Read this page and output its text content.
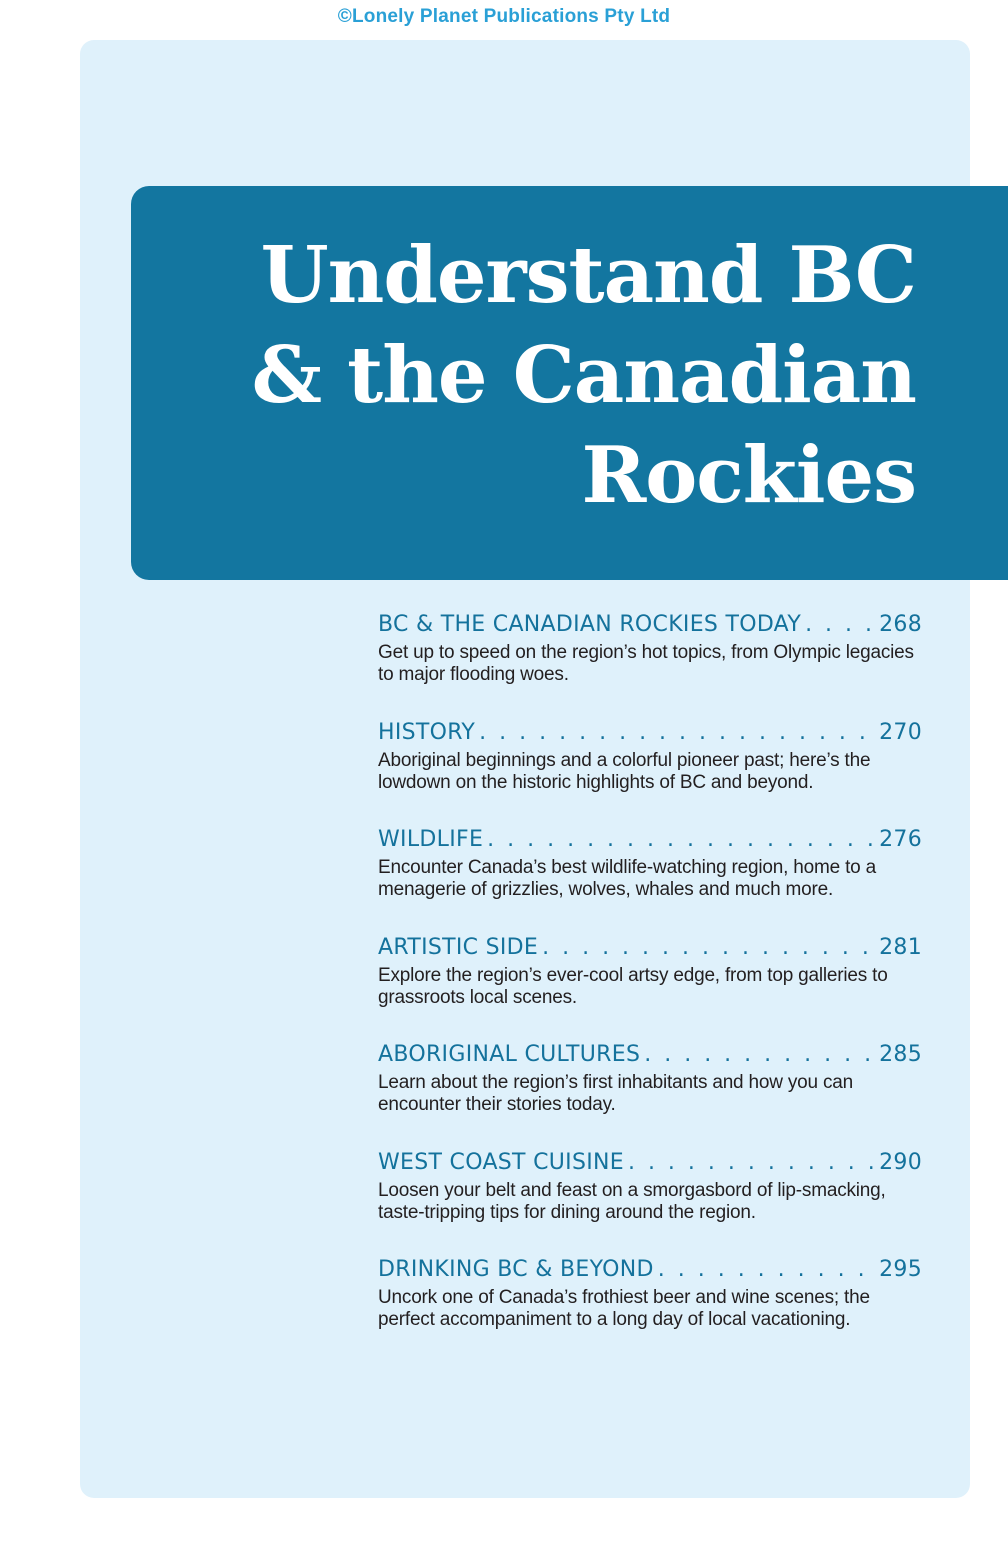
©Lonely Planet Publications Pty Ltd
Understand BC
& the Canadian
Rockies
BC & THE CANADIAN ROCKIES TODAY . . .	268

Get up to speed on the region’s hot topics, from Olympic legacies to major flooding woes.

HISTORY . . .	270

Aboriginal beginnings and a colorful pioneer past; here’s the lowdown on the historic highlights of BC and beyond.

WILDLIFE . . .	276

Encounter Canada’s best wildlife-watching region, home to a menagerie of grizzlies, wolves, whales and much more.

ARTISTIC SIDE . . .	281

Explore the region’s ever-cool artsy edge, from top galleries to grassroots local scenes.

ABORIGINAL CULTURES . . .	285

Learn about the region’s first inhabitants and how you can encounter their stories today.

WEST COAST CUISINE . . .	290

Loosen your belt and feast on a smorgasbord of lip-smacking, taste-tripping tips for dining around the region.

DRINKING BC & BEYOND . . .	295

Uncork one of Canada’s frothiest beer and wine scenes; the perfect accompaniment to a long day of local vacationing.
